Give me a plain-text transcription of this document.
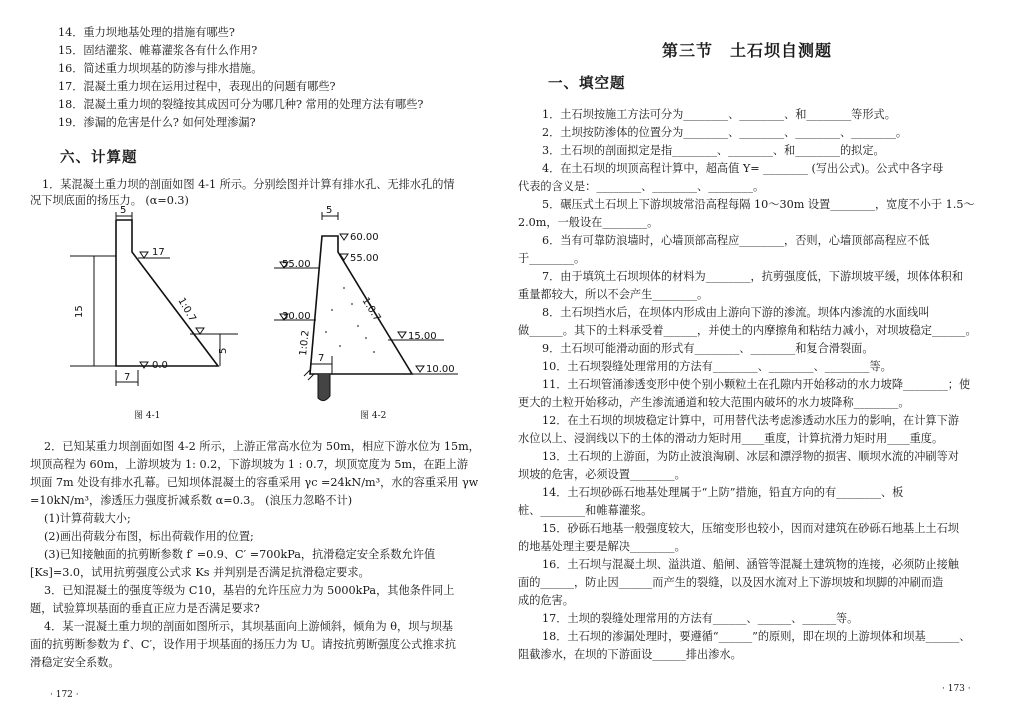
14．重力坝地基处理的措施有哪些?
15．固结灌浆、帷幕灌浆各有什么作用?
16．简述重力坝坝基的防渗与排水措施。
17．混凝土重力坝在运用过程中，表现出的问题有哪些?
18．混凝土重力坝的裂缝按其成因可分为哪几种? 常用的处理方法有哪些?
19．渗漏的危害是什么? 如何处理渗漏?
六、计算题
1．某混凝土重力坝的剖面如图 4-1 所示。分别绘图并计算有排水孔、无排水孔的情
况下坝底面的扬压力。 (α=0.3)
5
17
1:0.7
15
5
0.0
7
图 4-1
5
60.00
55.00
55.00
1:0.7
30.00
1:0.2	15.00
10.00
7
图 4-2
2．已知某重力坝剖面如图 4-2 所示，上游正常高水位为 50m，相应下游水位为 15m，
坝顶高程为 60m，上游坝坡为 1: 0.2，下游坝坡为 1 : 0.7，坝顶宽度为 5m，在距上游
坝面 7m 处设有排水孔幕。已知坝体混凝土的容重采用 γc =24kN/m³，水的容重采用 γw
=10kN/m³，渗透压力强度折减系数 α=0.3。 (浪压力忽略不计)
(1)计算荷载大小;
(2)画出荷载分布图，标出荷载作用的位置;
(3)已知接触面的抗剪断参数 f′ =0.9、C′ =700kPa，抗滑稳定安全系数允许值
[Ks]=3.0，试用抗剪强度公式求 Ks 并判别是否满足抗滑稳定要求。
3．已知混凝土的强度等级为 C10，基岩的允许压应力为 5000kPa，其他条件同上
题，试验算坝基面的垂直正应力是否满足要求?
4．某一混凝土重力坝的剖面如图所示，其坝基面向上游倾斜，倾角为 θ，坝与坝基
面的抗剪断参数为 f′、C′，设作用于坝基面的扬压力为 U。请按抗剪断强度公式推求抗
滑稳定安全系数。
· 172 ·
第三节　土石坝自测题
一、填空题
1．土石坝按施工方法可分为________、________、和________等形式。
2．土坝按防渗体的位置分为________、________、________、________。
3．土石坝的剖面拟定是指________、________、和________的拟定。
4．在土石坝的坝顶高程计算中，超高值 Y= ________ (写出公式)。公式中各字母
代表的含义是：________、________、________。
5．碾压式土石坝上下游坝坡常沿高程每隔 10～30m 设置________，宽度不小于 1.5～
2.0m，一般设在________。
6．当有可靠防浪墙时，心墙顶部高程应________，否则，心墙顶部高程应不低
于________。
7．由于填筑土石坝坝体的材料为________，抗剪强度低，下游坝坡平缓，坝体体积和
重量都较大，所以不会产生________。
8．土石坝挡水后，在坝体内形成由上游向下游的渗流。坝体内渗流的水面线叫
做______。其下的土料承受着______，并使土的内摩擦角和粘结力减小，对坝坡稳定______。
9．土石坝可能滑动面的形式有________、________和复合滑裂面。
10．土石坝裂缝处理常用的方法有________、________、________等。
11．土石坝管涌渗透变形中使个别小颗粒土在孔隙内开始移动的水力坡降________；使
更大的土粒开始移动，产生渗流通道和较大范围内破坏的水力坡降称________。
12．在土石坝的坝坡稳定计算中，可用替代法考虑渗透动水压力的影响，在计算下游
水位以上、浸润线以下的土体的滑动力矩时用____重度，计算抗滑力矩时用____重度。
13．土石坝的上游面，为防止波浪淘刷、冰层和漂浮物的损害、顺坝水流的冲刷等对
坝坡的危害，必须设置________。
14．土石坝砂砾石地基处理属于“上防”措施，铅直方向的有________、板
桩、________和帷幕灌浆。
15．砂砾石地基一般强度较大，压缩变形也较小，因而对建筑在砂砾石地基上土石坝
的地基处理主要是解决________。
16．土石坝与混凝土坝、溢洪道、船闸、涵管等混凝土建筑物的连接，必须防止接触
面的______，防止因______而产生的裂缝，以及因水流对上下游坝坡和坝脚的冲刷而造
成的危害。
17．土坝的裂缝处理常用的方法有______、______、______等。
18．土石坝的渗漏处理时，要遵循“______”的原则，即在坝的上游坝体和坝基______、
阻截渗水，在坝的下游面设______排出渗水。
· 173 ·
